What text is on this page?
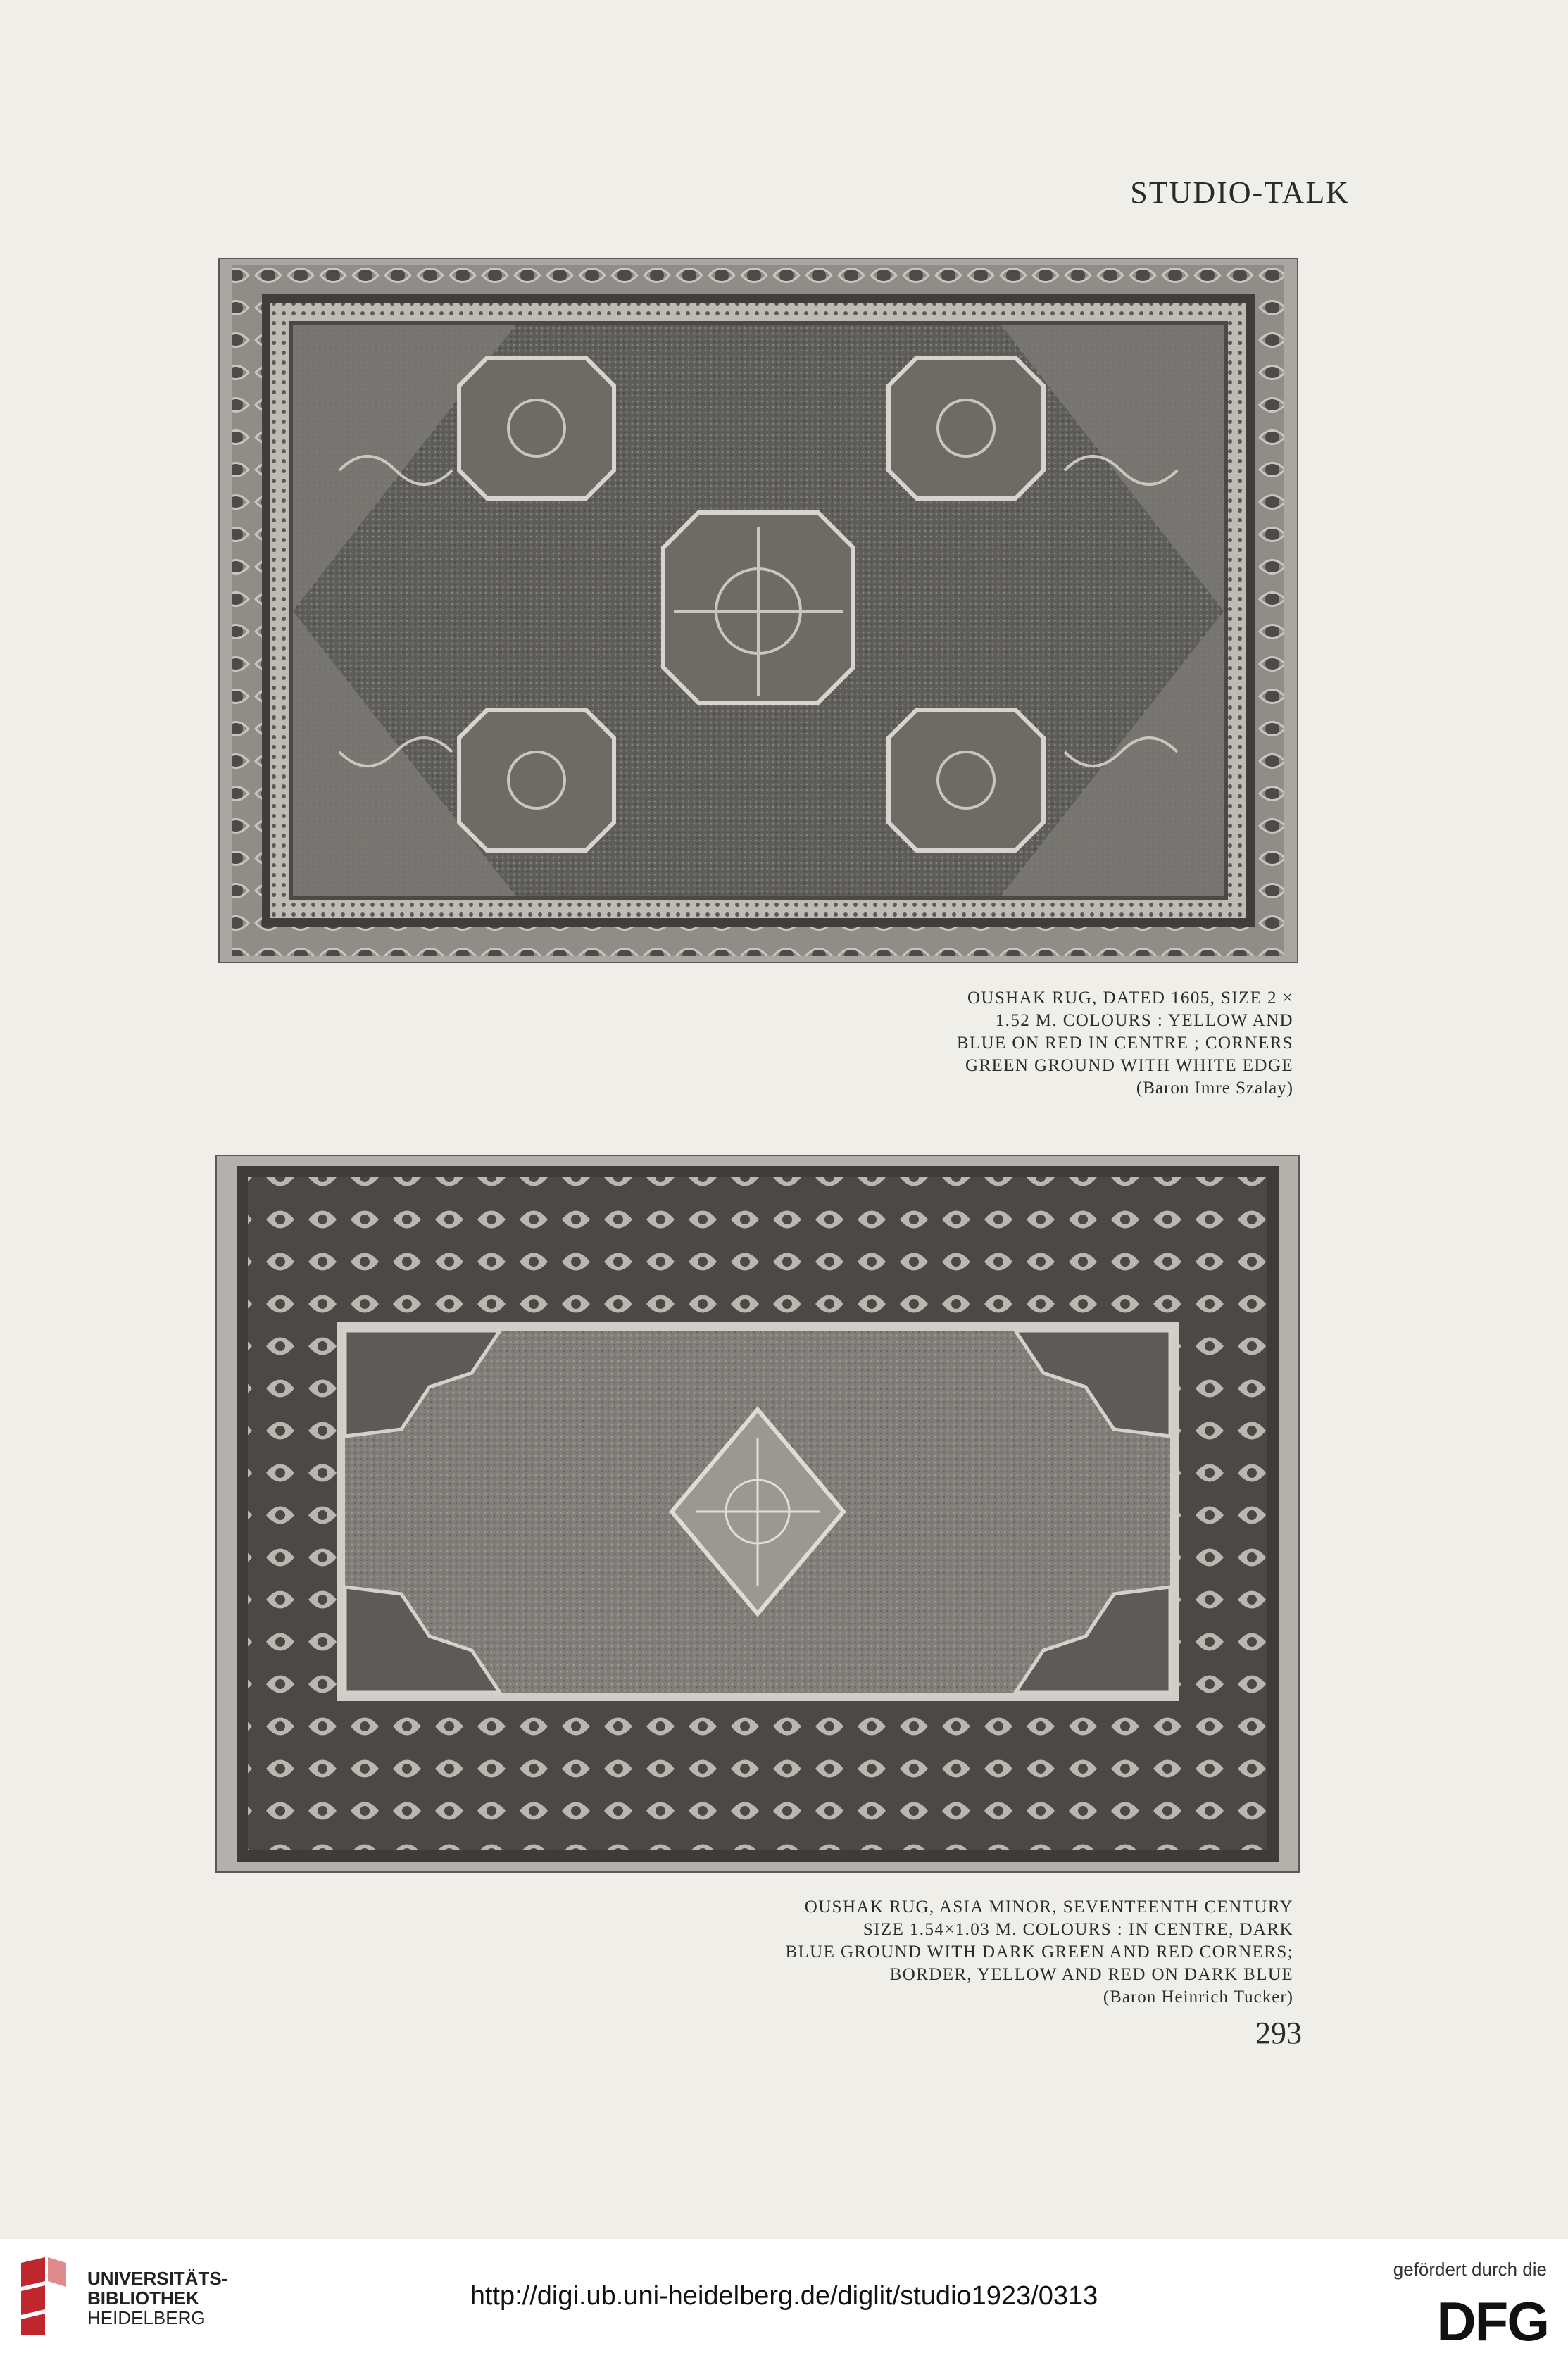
STUDIO-TALK
OUSHAK RUG, DATED 1605, SIZE 2 ×
1.52 M. COLOURS : YELLOW AND
BLUE ON RED IN CENTRE ; CORNERS
GREEN GROUND WITH WHITE EDGE
(Baron Imre Szalay)
OUSHAK RUG, ASIA MINOR, SEVENTEENTH CENTURY
SIZE 1.54×1.03 M. COLOURS : IN CENTRE, DARK
BLUE GROUND WITH DARK GREEN AND RED CORNERS;
BORDER, YELLOW AND RED ON DARK BLUE
(Baron Heinrich Tucker)
293
UNIVERSITÄTS-
BIBLIOTHEK
HEIDELBERG
http://digi.ub.uni-heidelberg.de/diglit/studio1923/0313
gefördert durch die
DFG
